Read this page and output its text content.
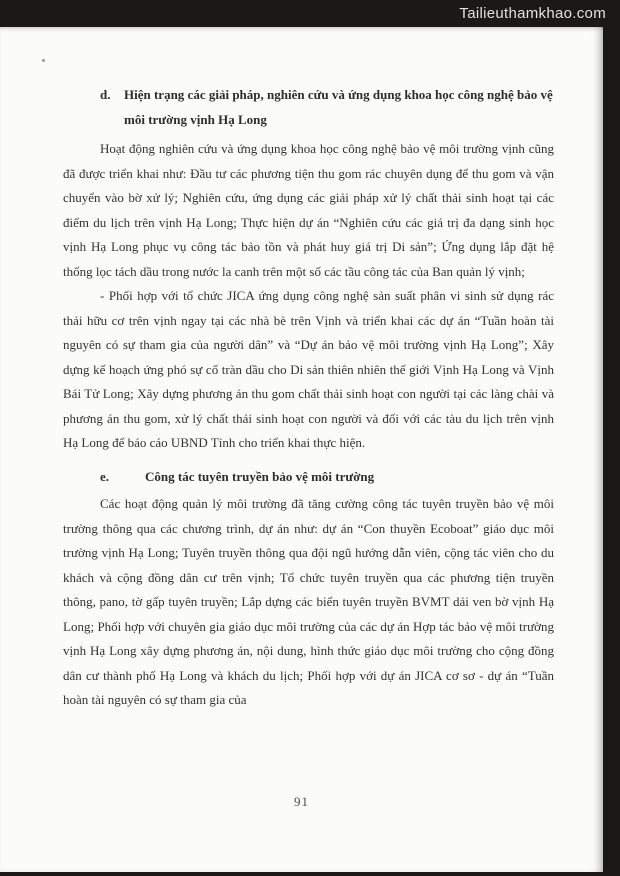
Tailieuthamkhao.com
d.	Hiện trạng các giải pháp, nghiên cứu và ứng dụng khoa học công nghệ bảo vệ môi trường vịnh Hạ Long

Hoạt động nghiên cứu và ứng dụng khoa học công nghệ bảo vệ môi trường vịnh cũng đã được triển khai như: Đầu tư các phương tiện thu gom rác chuyên dụng để thu gom và vận chuyển vào bờ xử lý; Nghiên cứu, ứng dụng các giải pháp xử lý chất thải sinh hoạt tại các điểm du lịch trên vịnh Hạ Long; Thực hiện dự án “Nghiên cứu các giá trị đa dạng sinh học vịnh Hạ Long phục vụ công tác bảo tồn và phát huy giá trị Di sản”; Ứng dụng lắp đặt hệ thống lọc tách dầu trong nước la canh trên một số các tầu công tác của Ban quản lý vịnh;

- Phối hợp với tổ chức JICA ứng dụng công nghệ sản suất phân vi sinh sử dụng rác thải hữu cơ trên vịnh ngay tại các nhà bè trên Vịnh và triển khai các dự án “Tuần hoàn tài nguyên có sự tham gia của người dân” và “Dự án bảo vệ môi trường vịnh Hạ Long”; Xây dựng kế hoạch ứng phó sự cố tràn dầu cho Di sản thiên nhiên thế giới Vịnh Hạ Long và Vịnh Bái Tử Long; Xây dựng phương án thu gom chất thải sinh hoạt con người tại các làng chài và phương án thu gom, xử lý chất thải sinh hoạt con người và đối với các tàu du lịch trên vịnh Hạ Long để báo cáo UBND Tỉnh cho triển khai thực hiện.

e.	Công tác tuyên truyền bảo vệ môi trường

Các hoạt động quản lý môi trường đã tăng cường công tác tuyên truyền bảo vệ môi trường thông qua các chương trình, dự án như: dự án “Con thuyền Ecoboat” giáo dục môi trường vịnh Hạ Long; Tuyên truyền thông qua đội ngũ hướng dẫn viên, cộng tác viên cho du khách và cộng đồng dân cư trên vịnh; Tổ chức tuyên truyền qua các phương tiện truyền thông, pano, tờ gấp tuyên truyền; Lắp dựng các biển tuyên truyền BVMT dải ven bờ vịnh Hạ Long; Phối hợp với chuyên gia giáo dục môi trường của các dự án Hợp tác bảo vệ môi trường vịnh Hạ Long xây dựng phương án, nội dung, hình thức giáo dục môi trường cho cộng đồng dân cư thành phố Hạ Long và khách du lịch; Phối hợp với dự án JICA cơ sơ - dự án “Tuần hoàn tài nguyên có sự tham gia của

91
